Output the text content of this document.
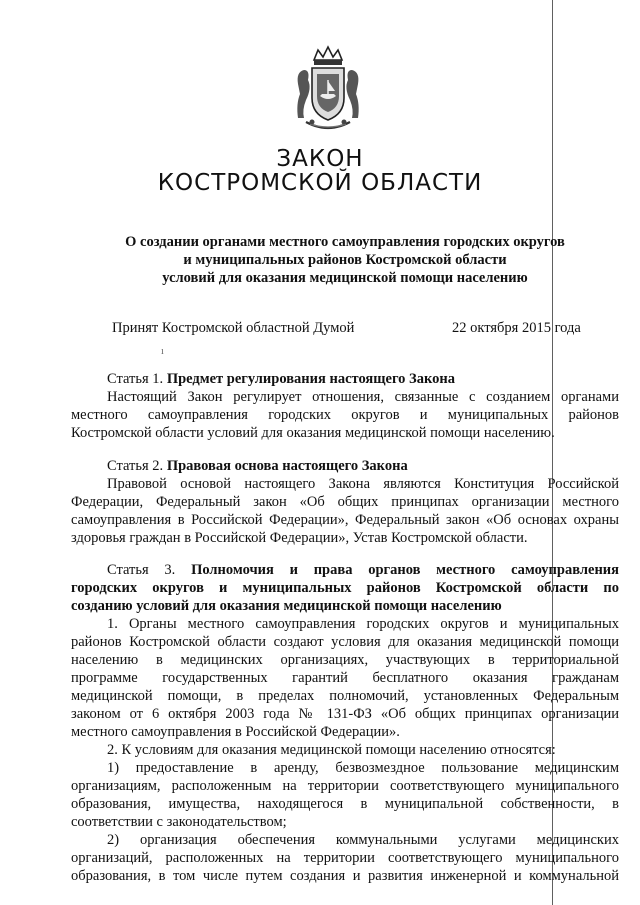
ЗАКОН
КОСТРОМСКОЙ ОБЛАСТИ
О создании органами местного самоуправления городских округов
и муниципальных районов Костромской области
условий для оказания медицинской помощи населению
Принят Костромской областной Думой	22 октября 2015 года
ı
Статья 1. Предмет регулирования настоящего Закона
Настоящий Закон регулирует отношения, связанные с созданием органами
местного самоуправления городских округов и муниципальных районов
Костромской области условий для оказания медицинской помощи населению.
Статья 2. Правовая основа настоящего Закона
Правовой основой настоящего Закона являются Конституция Российской
Федерации, Федеральный закон «Об общих принципах организации местного
самоуправления в Российской Федерации», Федеральный закон «Об основах охраны
здоровья граждан в Российской Федерации», Устав Костромской области.
Статья 3. Полномочия и права органов местного самоуправления
городских округов и муниципальных районов Костромской области по
созданию условий для оказания медицинской помощи населению
1. Органы местного самоуправления городских округов и муниципальных
районов Костромской области создают условия для оказания медицинской помощи
населению в медицинских организациях, участвующих в территориальной
программе государственных гарантий бесплатного оказания гражданам
медицинской помощи, в пределах полномочий, установленных Федеральным
законом от 6 октября 2003 года № 131-ФЗ «Об общих принципах организации
местного самоуправления в Российской Федерации».
2. К условиям для оказания медицинской помощи населению относятся:
1) предоставление в аренду, безвозмездное пользование медицинским
организациям, расположенным на территории соответствующего муниципального
образования, имущества, находящегося в муниципальной собственности, в
соответствии с законодательством;
2) организация обеспечения коммунальными услугами медицинских
организаций, расположенных на территории соответствующего муниципального
образования, в том числе путем создания и развития инженерной и коммунальной
